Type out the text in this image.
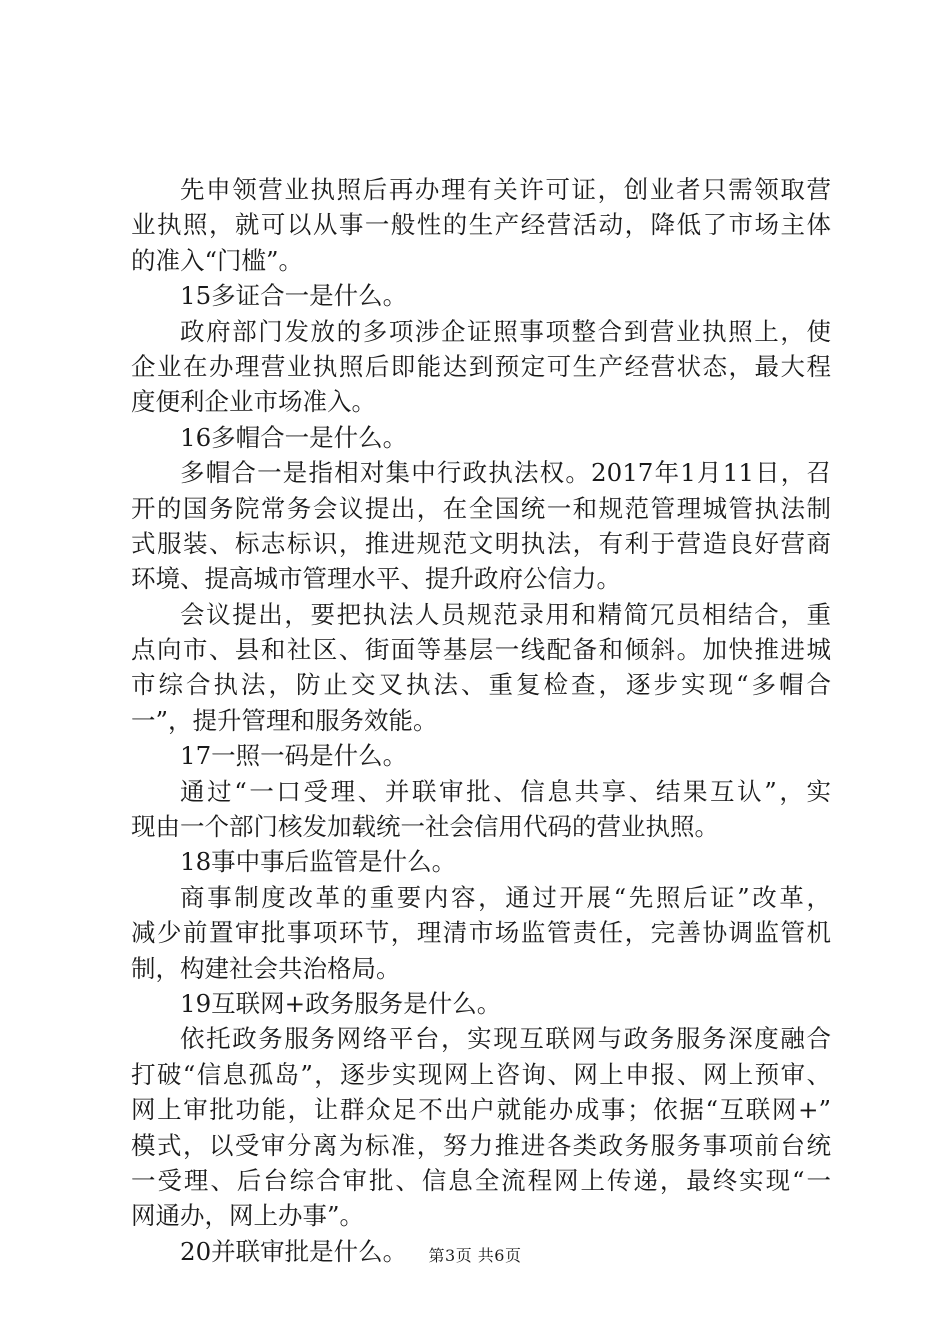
先申领营业执照后再办理有关许可证，创业者只需领取营
业执照，就可以从事一般性的生产经营活动，降低了市场主体
的准入“门槛”。
15多证合一是什么。
政府部门发放的多项涉企证照事项整合到营业执照上，使
企业在办理营业执照后即能达到预定可生产经营状态，最大程
度便利企业市场准入。
16多帽合一是什么。
多帽合一是指相对集中行政执法权。2017年1月11日，召
开的国务院常务会议提出，在全国统一和规范管理城管执法制
式服装、标志标识，推进规范文明执法，有利于营造良好营商
环境、提高城市管理水平、提升政府公信力。
会议提出，要把执法人员规范录用和精简冗员相结合，重
点向市、县和社区、街面等基层一线配备和倾斜。加快推进城
市综合执法，防止交叉执法、重复检查，逐步实现“多帽合
一”，提升管理和服务效能。
17一照一码是什么。
通过“一口受理、并联审批、信息共享、结果互认”，实
现由一个部门核发加载统一社会信用代码的营业执照。
18事中事后监管是什么。
商事制度改革的重要内容，通过开展“先照后证”改革，
减少前置审批事项环节，理清市场监管责任，完善协调监管机
制，构建社会共治格局。
19互联网+政务服务是什么。
依托政务服务网络平台，实现互联网与政务服务深度融合
打破“信息孤岛”，逐步实现网上咨询、网上申报、网上预审、
网上审批功能，让群众足不出户就能办成事；依据“互联网+”
模式，以受审分离为标准，努力推进各类政务服务事项前台统
一受理、后台综合审批、信息全流程网上传递，最终实现“一
网通办，网上办事”。
20并联审批是什么。	第3页 共6页
